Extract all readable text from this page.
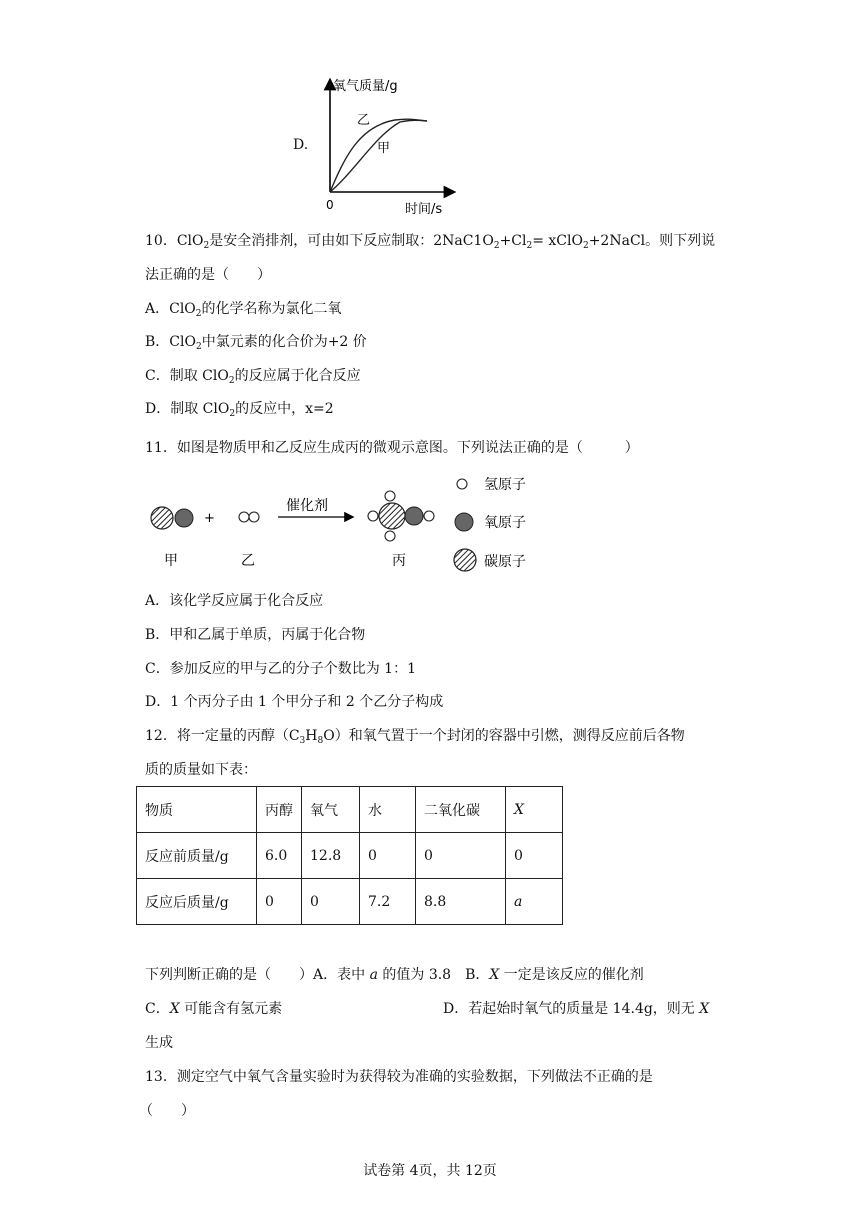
D.
氧气质量/g
乙
甲
0	时间/s
10．ClO$_2$是安全消排剂，可由如下反应制取：$2NaC1O_2+Cl_2=$ xClO$_2$+2NaCl。则下列说
法正确的是（　　）
A．ClO$_2$的化学名称为氯化二氧
B．ClO$_2$中氯元素的化合价为+2 价
C．制取 ClO$_2$的反应属于化合反应
D．制取 ClO$_2$的反应中，x=2
11．如图是物质甲和乙反应生成丙的微观示意图。下列说法正确的是（　　　）
+
催化剂
甲	乙	丙
氢原子
氧原子
碳原子
A．该化学反应属于化合反应
B．甲和乙属于单质，丙属于化合物
C．参加反应的甲与乙的分子个数比为 1：1
D．1 个丙分子由 1 个甲分子和 2 个乙分子构成
12．将一定量的丙醇$(C_3H_8O)$和氧气置于一个封闭的容器中引燃，测得反应前后各物
质的质量如下表：
物质	丙醇	氧气	水	二氧化碳	X
反应前质量/g	6.0	12.8	0	0	0
反应后质量/g	0	0	7.2	8.8	a
下列判断正确的是（　　）A．表中 a 的值为 3.8　B．X 一定是该反应的催化剂
C．X 可能含有氢元素	D．若起始时氧气的质量是 14.4g，则无 X
生成
13．测定空气中氧气含量实验时为获得较为准确的实验数据，下列做法不正确的是
（　　）
试卷第 4页，共 12页
